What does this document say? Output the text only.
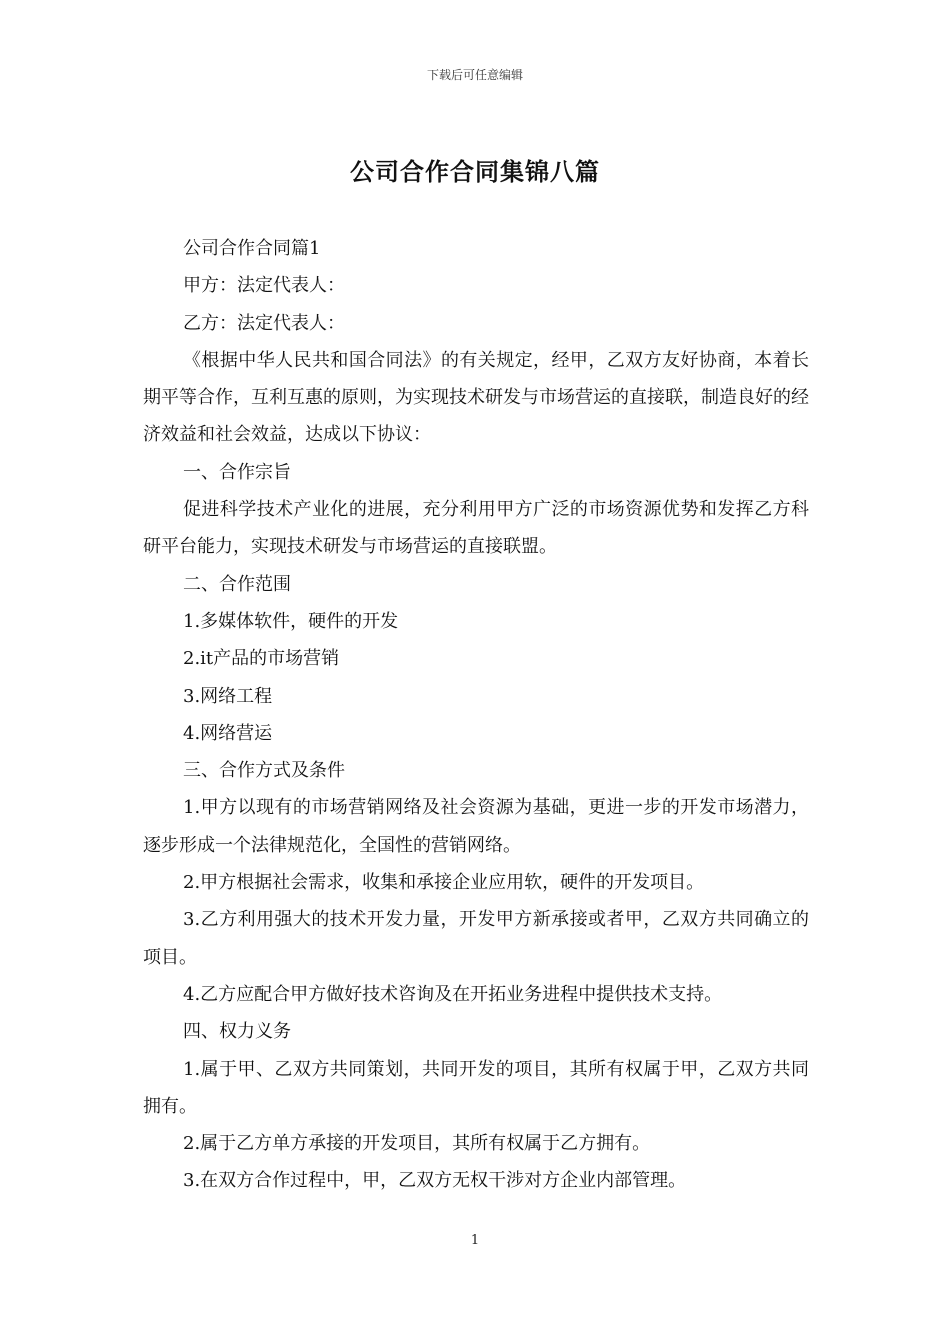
下载后可任意编辑
公司合作合同集锦八篇

公司合作合同篇1

甲方：法定代表人：

乙方：法定代表人：

《根据中华人民共和国合同法》的有关规定，经甲，乙双方友好协商，本着长期平等合作，互利互惠的原则，为实现技术研发与市场营运的直接联，制造良好的经济效益和社会效益，达成以下协议：

一、合作宗旨

促进科学技术产业化的进展，充分利用甲方广泛的市场资源优势和发挥乙方科研平台能力，实现技术研发与市场营运的直接联盟。

二、合作范围

1.多媒体软件，硬件的开发

2.it产品的市场营销

3.网络工程

4.网络营运

三、合作方式及条件

1.甲方以现有的市场营销网络及社会资源为基础，更进一步的开发市场潜力，逐步形成一个法律规范化，全国性的营销网络。

2.甲方根据社会需求，收集和承接企业应用软，硬件的开发项目。

3.乙方利用强大的技术开发力量，开发甲方新承接或者甲，乙双方共同确立的项目。

4.乙方应配合甲方做好技术咨询及在开拓业务进程中提供技术支持。

四、权力义务

1.属于甲、乙双方共同策划，共同开发的项目，其所有权属于甲，乙双方共同拥有。

2.属于乙方单方承接的开发项目，其所有权属于乙方拥有。

3.在双方合作过程中，甲，乙双方无权干涉对方企业内部管理。

1
